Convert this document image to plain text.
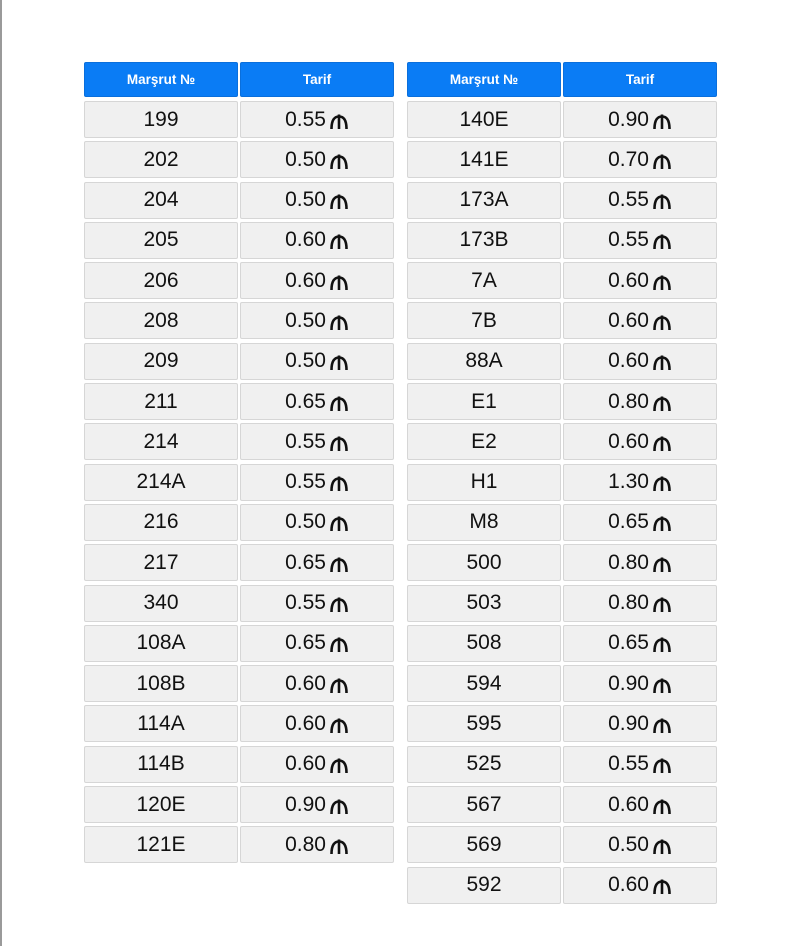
Marşrut №	Tarif
199	0.55
202	0.50
204	0.50
205	0.60
206	0.60
208	0.50
209	0.50
211	0.65
214	0.55
214A	0.55
216	0.50
217	0.65
340	0.55
108A	0.65
108B	0.60
114A	0.60
114B	0.60
120E	0.90
121E	0.80
Marşrut №	Tarif
140E	0.90
141E	0.70
173A	0.55
173B	0.55
7A	0.60
7B	0.60
88A	0.60
E1	0.80
E2	0.60
H1	1.30
M8	0.65
500	0.80
503	0.80
508	0.65
594	0.90
595	0.90
525	0.55
567	0.60
569	0.50
592	0.60
